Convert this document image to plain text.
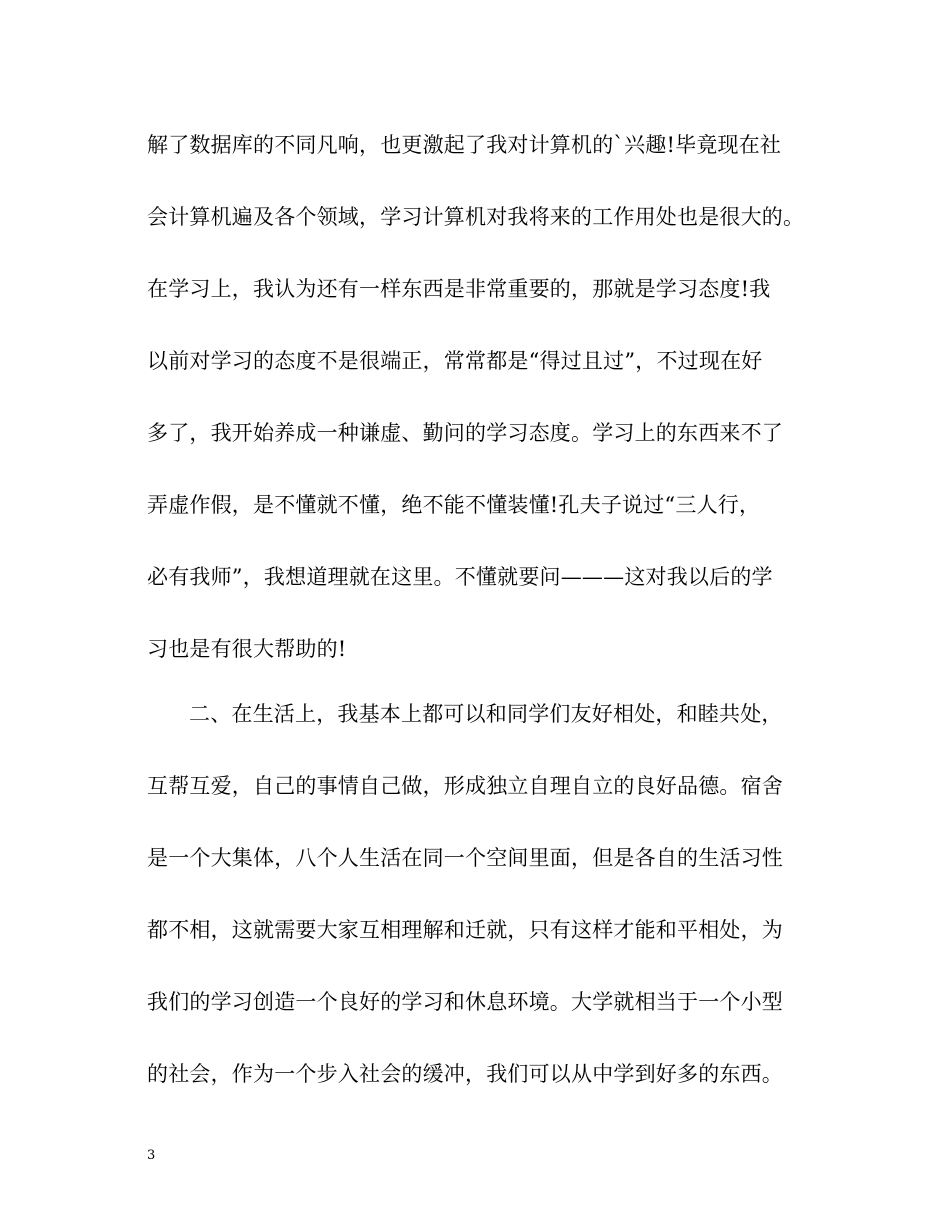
解了数据库的不同凡响，也更激起了我对计算机的`兴趣!毕竟现在社
会计算机遍及各个领域，学习计算机对我将来的工作用处也是很大的。
在学习上，我认为还有一样东西是非常重要的，那就是学习态度!我
以前对学习的态度不是很端正，常常都是“得过且过”，不过现在好
多了，我开始养成一种谦虚、勤问的学习态度。学习上的东西来不了
弄虚作假，是不懂就不懂，绝不能不懂装懂!孔夫子说过“三人行，
必有我师”，我想道理就在这里。不懂就要问———这对我以后的学
习也是有很大帮助的!
二、在生活上，我基本上都可以和同学们友好相处，和睦共处，
互帮互爱，自己的事情自己做，形成独立自理自立的良好品德。宿舍
是一个大集体，八个人生活在同一个空间里面，但是各自的生活习性
都不相，这就需要大家互相理解和迁就，只有这样才能和平相处，为
我们的学习创造一个良好的学习和休息环境。大学就相当于一个小型
的社会，作为一个步入社会的缓冲，我们可以从中学到好多的东西。
3
